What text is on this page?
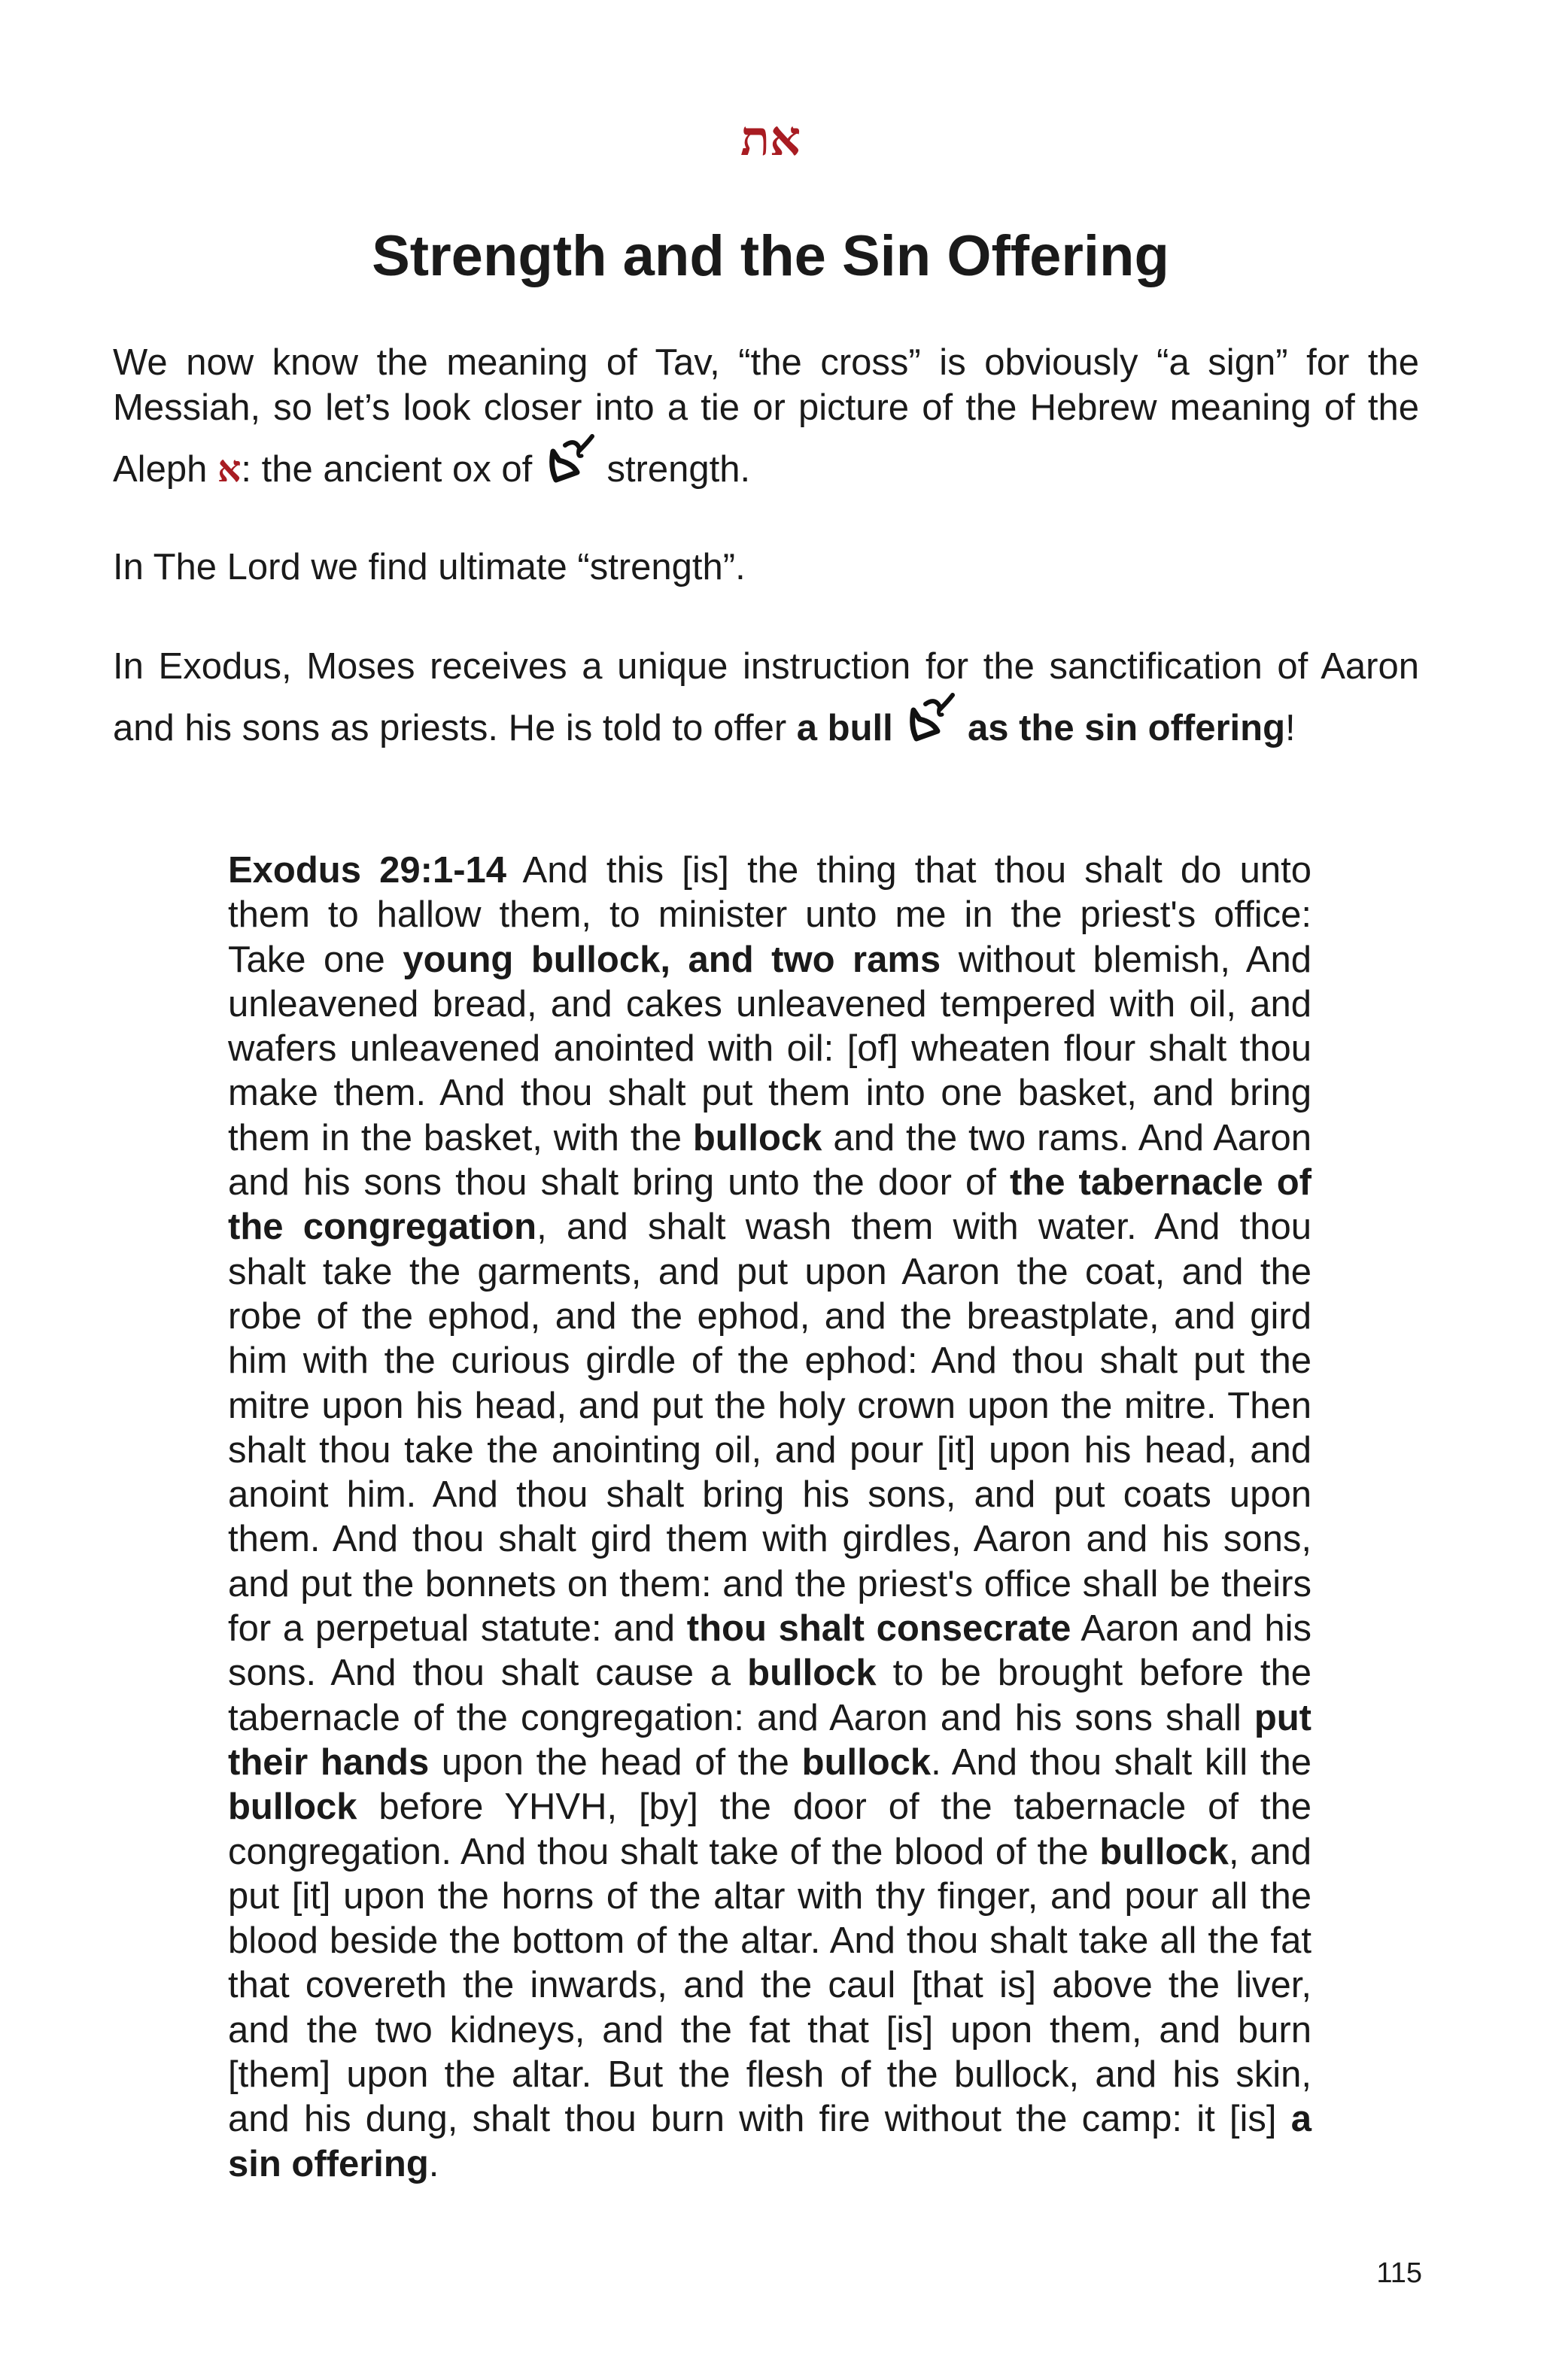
את
Strength and the Sin Offering

We now know the meaning of Tav, “the cross” is obviously “a sign” for the Messiah, so let’s look closer into a tie or picture of the Hebrew meaning of the Aleph א: the ancient ox of  strength.

In The Lord we find ultimate “strength”.

In Exodus, Moses receives a unique instruction for the sanctification of Aaron and his sons as priests. He is told to offer a bull as the sin offering!

Exodus 29:1-14 And this [is] the thing that thou shalt do unto them to hallow them, to minister unto me in the priest's office: Take one young bullock, and two rams without blemish, And unleavened bread, and cakes unleavened tempered with oil, and wafers unleavened anointed with oil: [of] wheaten flour shalt thou make them. And thou shalt put them into one basket, and bring them in the basket, with the bullock and the two rams. And Aaron and his sons thou shalt bring unto the door of the tabernacle of the congregation, and shalt wash them with water. And thou shalt take the garments, and put upon Aaron the coat, and the robe of the ephod, and the ephod, and the breastplate, and gird him with the curious girdle of the ephod: And thou shalt put the mitre upon his head, and put the holy crown upon the mitre. Then shalt thou take the anointing oil, and pour [it] upon his head, and anoint him. And thou shalt bring his sons, and put coats upon them. And thou shalt gird them with girdles, Aaron and his sons, and put the bonnets on them: and the priest's office shall be theirs for a perpetual statute: and thou shalt consecrate Aaron and his sons. And thou shalt cause a bullock to be brought before the tabernacle of the congregation: and Aaron and his sons shall put their hands upon the head of the bullock. And thou shalt kill the bullock before YHVH, [by] the door of the tabernacle of the congregation. And thou shalt take of the blood of the bullock, and put [it] upon the horns of the altar with thy finger, and pour all the blood beside the bottom of the altar. And thou shalt take all the fat that covereth the inwards, and the caul [that is] above the liver, and the two kidneys, and the fat that [is] upon them, and burn [them] upon the altar. But the flesh of the bullock, and his skin, and his dung, shalt thou burn with fire without the camp: it [is] a sin offering.

115
